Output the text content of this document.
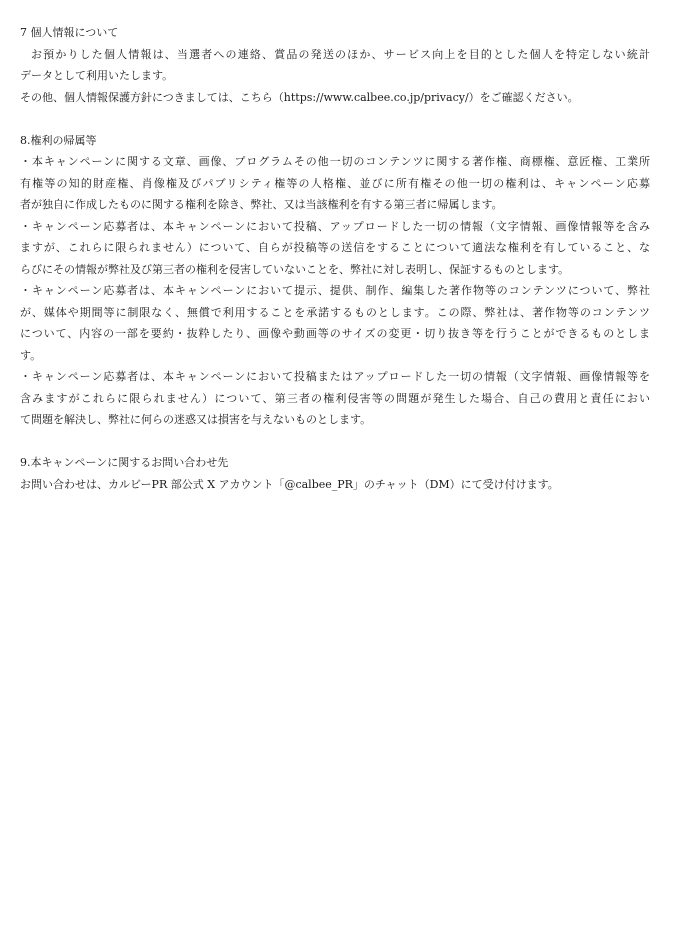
7 個人情報について
お預かりした個人情報は、当選者への連絡、賞品の発送のほか、サービス向上を目的とした個人を特定しない統計
データとして利用いたします。
その他、個人情報保護方針につきましては、こちら（https://www.calbee.co.jp/privacy/）をご確認ください。
8.権利の帰属等
・本キャンペーンに関する文章、画像、プログラムその他一切のコンテンツに関する著作権、商標権、意匠権、工業所
有権等の知的財産権、肖像権及びパブリシティ権等の人格権、並びに所有権その他一切の権利は、キャンペーン応募
者が独自に作成したものに関する権利を除き、弊社、又は当該権利を有する第三者に帰属します。
・キャンペーン応募者は、本キャンペーンにおいて投稿、アップロードした一切の情報（文字情報、画像情報等を含み
ますが、これらに限られません）について、自らが投稿等の送信をすることについて適法な権利を有していること、な
らびにその情報が弊社及び第三者の権利を侵害していないことを、弊社に対し表明し、保証するものとします。
・キャンペーン応募者は、本キャンペーンにおいて提示、提供、制作、編集した著作物等のコンテンツについて、弊社
が、媒体や期間等に制限なく、無償で利用することを承諾するものとします。この際、弊社は、著作物等のコンテンツ
について、内容の一部を要約・抜粋したり、画像や動画等のサイズの変更・切り抜き等を行うことができるものとしま
す。
・キャンペーン応募者は、本キャンペーンにおいて投稿またはアップロードした一切の情報（文字情報、画像情報等を
含みますがこれらに限られません）について、第三者の権利侵害等の問題が発生した場合、自己の費用と責任におい
て問題を解決し、弊社に何らの迷惑又は損害を与えないものとします。
9.本キャンペーンに関するお問い合わせ先
お問い合わせは、カルビーPR 部公式 X アカウント「@calbee_PR」のチャット（DM）にて受け付けます。
